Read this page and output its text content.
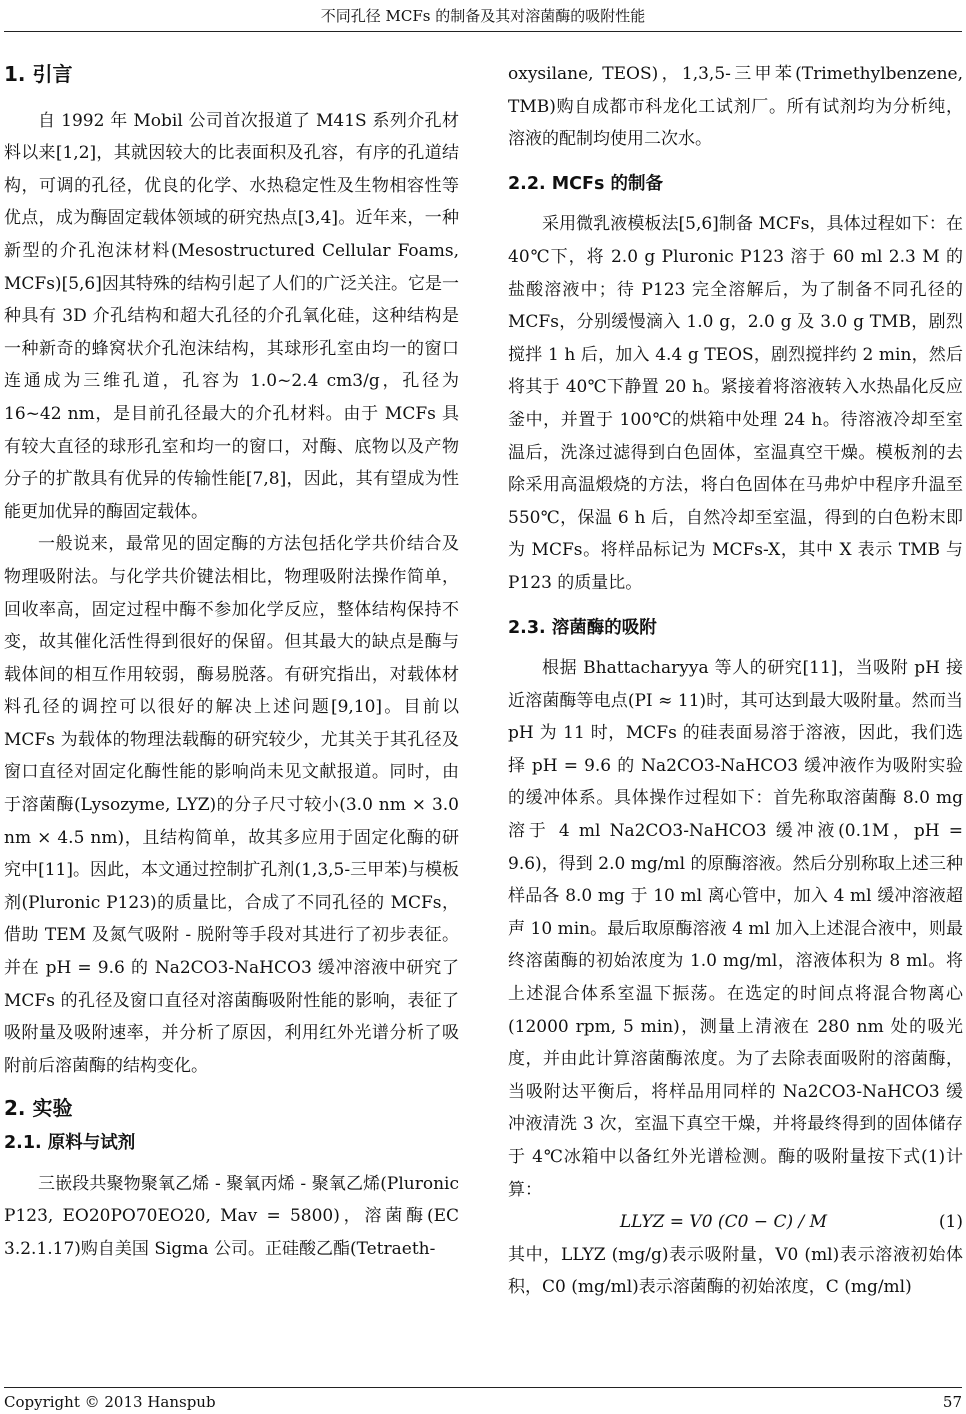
不同孔径 MCFs 的制备及其对溶菌酶的吸附性能

1. 引言

自 1992 年 Mobil 公司首次报道了 M41S 系列介孔材料以来[1,2]，其就因较大的比表面积及孔容，有序的孔道结构，可调的孔径，优良的化学、水热稳定性及生物相容性等优点，成为酶固定载体领域的研究热点[3,4]。近年来，一种新型的介孔泡沫材料(Mesostructured Cellular Foams, MCFs)[5,6]因其特殊的结构引起了人们的广泛关注。它是一种具有 3D 介孔结构和超大孔径的介孔氧化硅，这种结构是一种新奇的蜂窝状介孔泡沫结构，其球形孔室由均一的窗口连通成为三维孔道，孔容为 1.0~2.4 cm3/g，孔径为 16~42 nm，是目前孔径最大的介孔材料。由于 MCFs 具有较大直径的球形孔室和均一的窗口，对酶、底物以及产物分子的扩散具有优异的传输性能[7,8]，因此，其有望成为性能更加优异的酶固定载体。

一般说来，最常见的固定酶的方法包括化学共价结合及物理吸附法。与化学共价键法相比，物理吸附法操作简单，回收率高，固定过程中酶不参加化学反应，整体结构保持不变，故其催化活性得到很好的保留。但其最大的缺点是酶与载体间的相互作用较弱，酶易脱落。有研究指出，对载体材料孔径的调控可以很好的解决上述问题[9,10]。目前以 MCFs 为载体的物理法载酶的研究较少，尤其关于其孔径及窗口直径对固定化酶性能的影响尚未见文献报道。同时，由于溶菌酶(Lysozyme, LYZ)的分子尺寸较小(3.0 nm × 3.0 nm × 4.5 nm)，且结构简单，故其多应用于固定化酶的研究中[11]。因此，本文通过控制扩孔剂(1,3,5-三甲苯)与模板剂(Pluronic P123)的质量比，合成了不同孔径的 MCFs，借助 TEM 及氮气吸附 - 脱附等手段对其进行了初步表征。并在 pH = 9.6 的 Na2CO3-NaHCO3 缓冲溶液中研究了 MCFs 的孔径及窗口直径对溶菌酶吸附性能的影响，表征了吸附量及吸附速率，并分析了原因，利用红外光谱分析了吸附前后溶菌酶的结构变化。

2. 实验

2.1. 原料与试剂

三嵌段共聚物聚氧乙烯 - 聚氧丙烯 - 聚氧乙烯(Pluronic P123, EO20PO70EO20, Mav = 5800)，溶菌酶(EC 3.2.1.17)购自美国 Sigma 公司。正硅酸乙酯(Tetraeth-

oxysilane, TEOS)，1,3,5-三甲苯(Trimethylbenzene, TMB)购自成都市科龙化工试剂厂。所有试剂均为分析纯，溶液的配制均使用二次水。

2.2. MCFs 的制备

采用微乳液模板法[5,6]制备 MCFs，具体过程如下：在 40℃下，将 2.0 g Pluronic P123 溶于 60 ml 2.3 M 的盐酸溶液中；待 P123 完全溶解后，为了制备不同孔径的 MCFs，分别缓慢滴入 1.0 g，2.0 g 及 3.0 g TMB，剧烈搅拌 1 h 后，加入 4.4 g TEOS，剧烈搅拌约 2 min，然后将其于 40℃下静置 20 h。紧接着将溶液转入水热晶化反应釜中，并置于 100℃的烘箱中处理 24 h。待溶液冷却至室温后，洗涤过滤得到白色固体，室温真空干燥。模板剂的去除采用高温煅烧的方法，将白色固体在马弗炉中程序升温至 550℃，保温 6 h 后，自然冷却至室温，得到的白色粉末即为 MCFs。将样品标记为 MCFs-X，其中 X 表示 TMB 与 P123 的质量比。

2.3. 溶菌酶的吸附

根据 Bhattacharyya 等人的研究[11]，当吸附 pH 接近溶菌酶等电点(PI ≈ 11)时，其可达到最大吸附量。然而当 pH 为 11 时，MCFs 的硅表面易溶于溶液，因此，我们选择 pH = 9.6 的 Na2CO3-NaHCO3 缓冲液作为吸附实验的缓冲体系。具体操作过程如下：首先称取溶菌酶 8.0 mg 溶于 4 ml Na2CO3-NaHCO3 缓冲液(0.1M，pH = 9.6)，得到 2.0 mg/ml 的原酶溶液。然后分别称取上述三种样品各 8.0 mg 于 10 ml 离心管中，加入 4 ml 缓冲溶液超声 10 min。最后取原酶溶液 4 ml 加入上述混合液中，则最终溶菌酶的初始浓度为 1.0 mg/ml，溶液体积为 8 ml。将上述混合体系室温下振荡。在选定的时间点将混合物离心(12000 rpm, 5 min)，测量上清液在 280 nm 处的吸光度，并由此计算溶菌酶浓度。为了去除表面吸附的溶菌酶，当吸附达平衡后，将样品用同样的 Na2CO3-NaHCO3 缓冲液清洗 3 次，室温下真空干燥，并将最终得到的固体储存于 4℃冰箱中以备红外光谱检测。酶的吸附量按下式(1)计算：

LLYZ = V0 (C0 − C) / M	(1)

其中，LLYZ (mg/g)表示吸附量，V0 (ml)表示溶液初始体积，C0 (mg/ml)表示溶菌酶的初始浓度，C (mg/ml)

Copyright © 2013 Hanspub	57
